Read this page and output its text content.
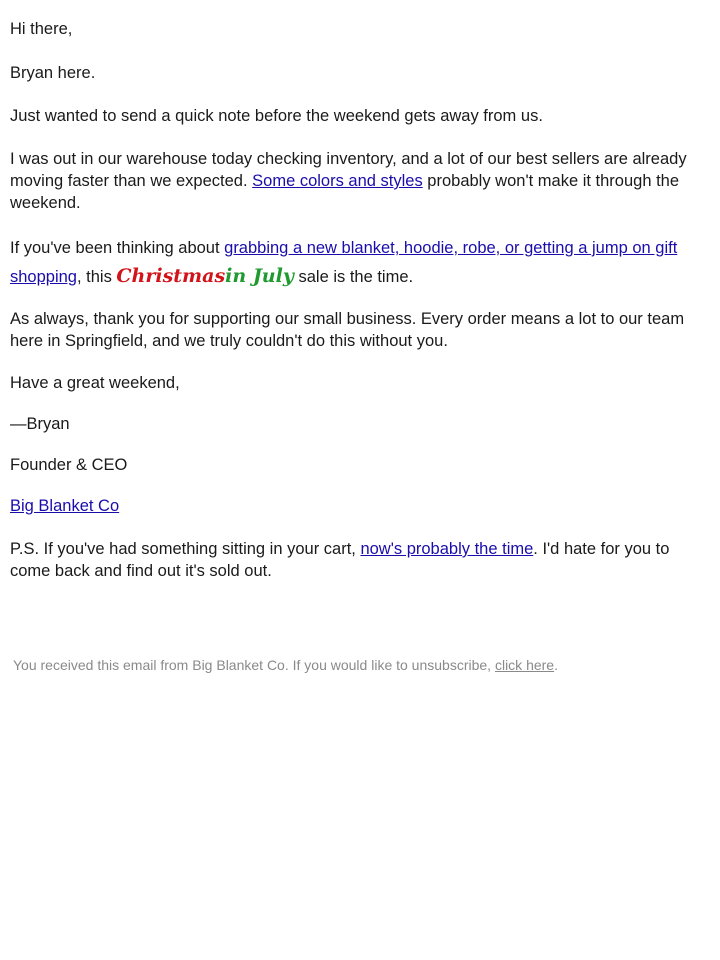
Hi there,

Bryan here.

Just wanted to send a quick note before the weekend gets away from us.

I was out in our warehouse today checking inventory, and a lot of our best sellers are already moving faster than we expected. Some colors and styles probably won't make it through the weekend.

If you've been thinking about grabbing a new blanket, hoodie, robe, or getting a jump on gift shopping, this Christmasin July sale is the time.

As always, thank you for supporting our small business. Every order means a lot to our team here in Springfield, and we truly couldn't do this without you.

Have a great weekend,

—Bryan

Founder & CEO

Big Blanket Co

P.S. If you've had something sitting in your cart, now's probably the time. I'd hate for you to come back and find out it's sold out.

You received this email from Big Blanket Co. If you would like to unsubscribe, click here.
